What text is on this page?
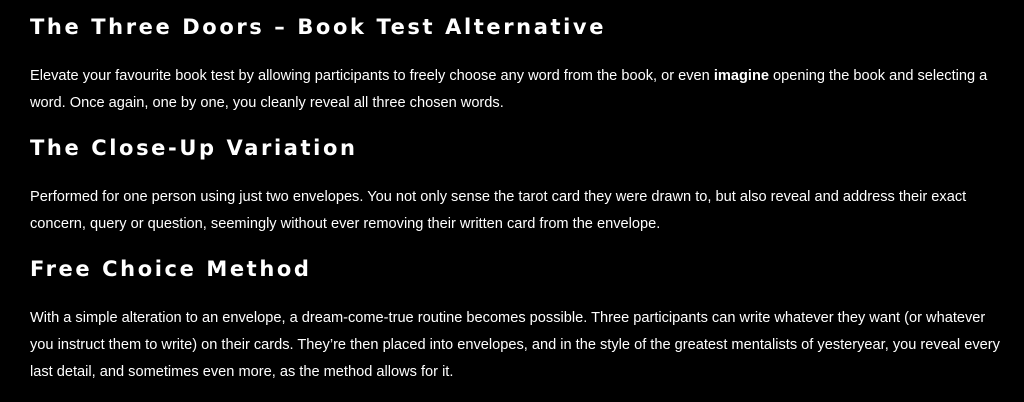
The Three Doors – Book Test Alternative

Elevate your favourite book test by allowing participants to freely choose any word from the book, or even imagine opening the book and selecting a word. Once again, one by one, you cleanly reveal all three chosen words.

The Close-Up Variation

Performed for one person using just two envelopes. You not only sense the tarot card they were drawn to, but also reveal and address their exact concern, query or question, seemingly without ever removing their written card from the envelope.

Free Choice Method

With a simple alteration to an envelope, a dream-come-true routine becomes possible. Three participants can write whatever they want (or whatever you instruct them to write) on their cards. They’re then placed into envelopes, and in the style of the greatest mentalists of yesteryear, you reveal every last detail, and sometimes even more, as the method allows for it.
